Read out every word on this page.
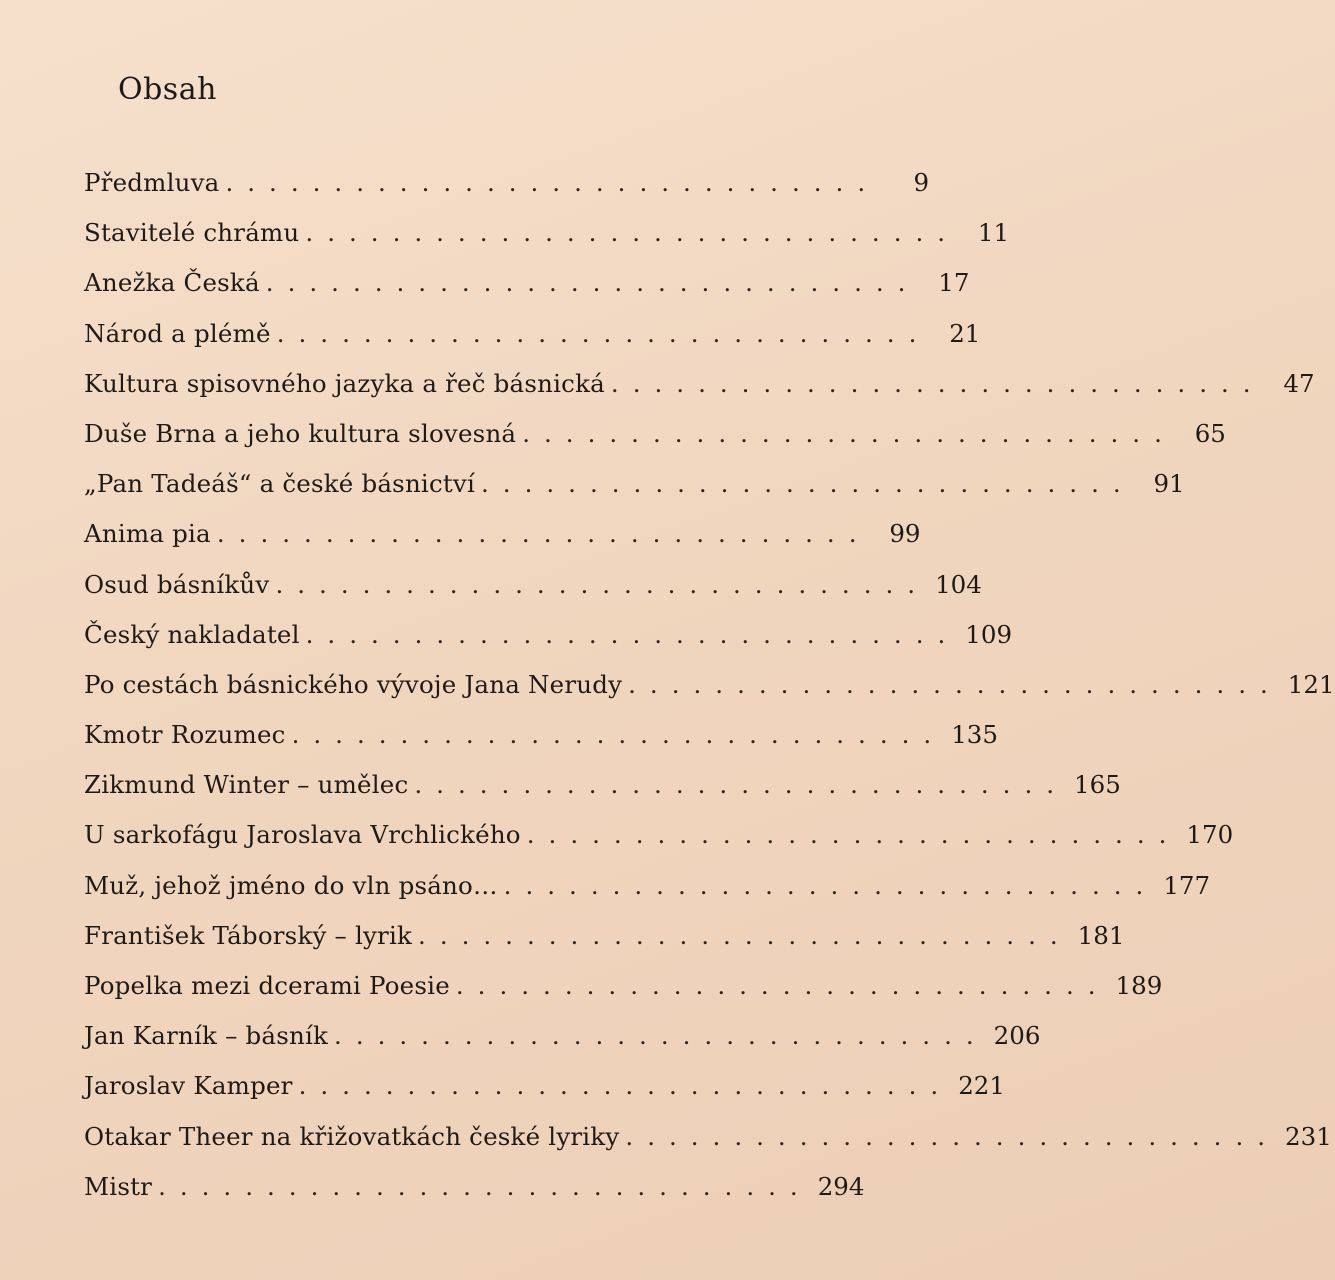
Obsah
Předmluva ..............................	9
Stavitelé chrámu .............................. 11
Anežka Česká .............................. 17
Národ a plémě .............................. 21
Kultura spisovného jazyka a řeč básnická .............................. 47
Duše Brna a jeho kultura slovesná .............................. 65
„Pan Tadeáš“ a české básnictví .............................. 91
Anima pia .............................. 99
Osud básníkův .............................. 104
Český nakladatel .............................. 109
Po cestách básnického vývoje Jana Nerudy .............................. 121
Kmotr Rozumec .............................. 135
Zikmund Winter – umělec .............................. 165
U sarkofágu Jaroslava Vrchlického .............................. 170
Muž, jehož jméno do vln psáno… .............................. 177
František Táborský – lyrik .............................. 181
Popelka mezi dcerami Poesie .............................. 189
Jan Karník – básník .............................. 206
Jaroslav Kamper .............................. 221
Otakar Theer na křižovatkách české lyriky .............................. 231
Mistr .............................. 294
